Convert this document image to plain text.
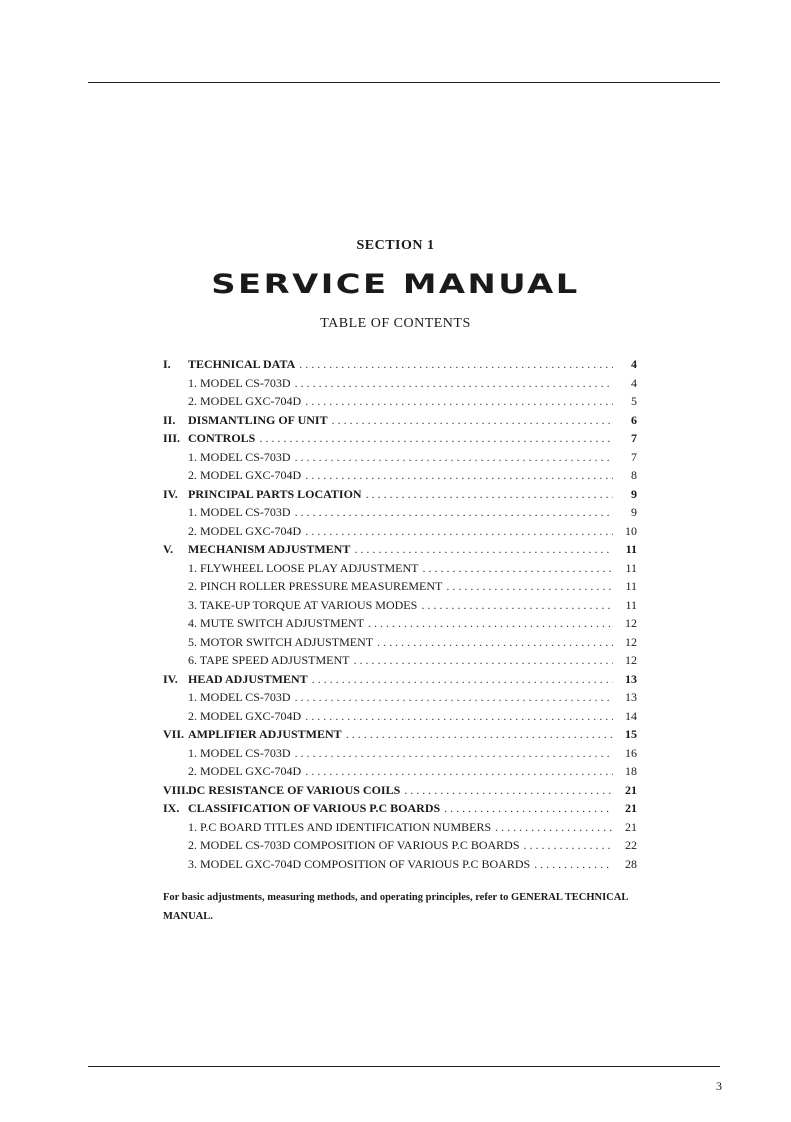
SECTION 1
SERVICE MANUAL
TABLE OF CONTENTS
I.	TECHNICAL DATA . . .	4
1. MODEL CS-703D . . .	4
2. MODEL GXC-704D . . .	5
II.	DISMANTLING OF UNIT . . .	6
III. CONTROLS . . .	7
1. MODEL CS-703D . . .	7
2. MODEL GXC-704D . . .	8
IV. PRINCIPAL PARTS LOCATION . . .	9
1. MODEL CS-703D . . .	9
2. MODEL GXC-704D . . .	10
V.	MECHANISM ADJUSTMENT . . .	11
1. FLYWHEEL LOOSE PLAY ADJUSTMENT . . .	11
2. PINCH ROLLER PRESSURE MEASUREMENT . . .	11
3. TAKE-UP TORQUE AT VARIOUS MODES . . .	11
4. MUTE SWITCH ADJUSTMENT . . .	12
5. MOTOR SWITCH ADJUSTMENT . . .	12
6. TAPE SPEED ADJUSTMENT . . .	12
IV. HEAD ADJUSTMENT . . .	13
1. MODEL CS-703D . . .	13
2. MODEL GXC-704D . . .	14
VII. AMPLIFIER ADJUSTMENT . . .	15
1. MODEL CS-703D . . .	16
2. MODEL GXC-704D . . .	18
VIII. DC RESISTANCE OF VARIOUS COILS . . .	21
IX. CLASSIFICATION OF VARIOUS P.C BOARDS . . .	21
1. P.C BOARD TITLES AND IDENTIFICATION NUMBERS . . .	21
2. MODEL CS-703D COMPOSITION OF VARIOUS P.C BOARDS . . .	22
3. MODEL GXC-704D COMPOSITION OF VARIOUS P.C BOARDS . . .	28
For basic adjustments, measuring methods, and operating principles, refer to GENERAL TECHNICAL MANUAL.
3
